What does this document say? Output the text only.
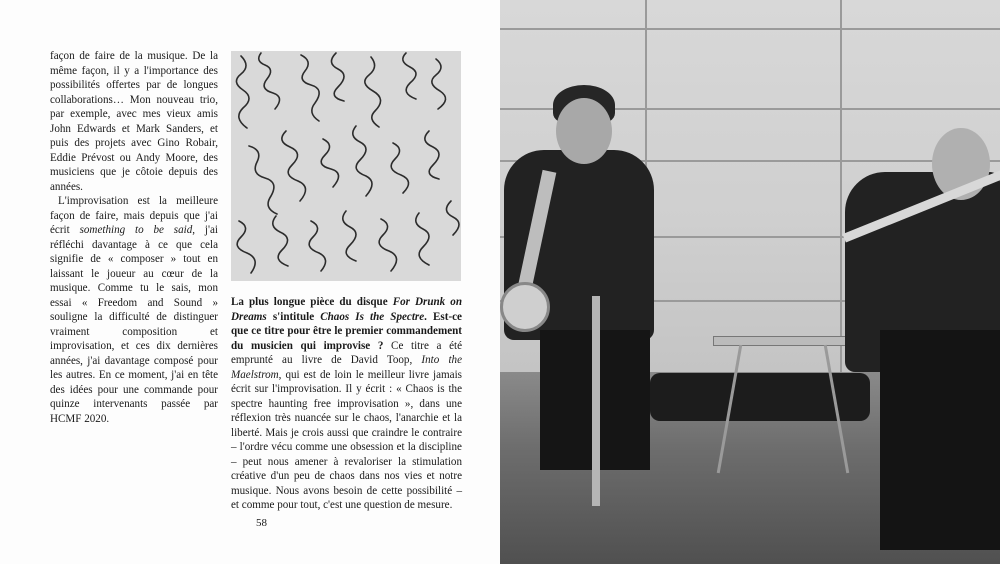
façon de faire de la musique. De la même façon, il y a l'importance des possibilités offertes par de longues collaborations… Mon nouveau trio, par exemple, avec mes vieux amis John Edwards et Mark Sanders, et puis des projets avec Gino Robair, Eddie Prévost ou Andy Moore, des musiciens que je côtoie depuis des années.

L'improvisation est la meilleure façon de faire, mais depuis que j'ai écrit something to be said, j'ai réfléchi davantage à ce que cela signifie de « composer » tout en laissant le joueur au cœur de la musique. Comme tu le sais, mon essai « Freedom and Sound » souligne la difficulté de distinguer vraiment composition et improvisation, et ces dix dernières années, j'ai davantage composé pour les autres. En ce moment, j'ai en tête des idées pour une commande pour quinze intervenants passée par HCMF 2020.

La plus longue pièce du disque For Drunk on Dreams s'intitule Chaos Is the Spectre. Est-ce que ce titre pour être le premier commandement du musicien qui improvise ? Ce titre a été emprunté au livre de David Toop, Into the Maelstrom, qui est de loin le meilleur livre jamais écrit sur l'improvisation. Il y écrit : « Chaos is the spectre haunting free improvisation », dans une réflexion très nuancée sur le chaos, l'anarchie et la liberté. Mais je crois aussi que craindre le contraire – l'ordre vécu comme une obsession et la discipline – peut nous amener à revaloriser la stimulation créative d'un peu de chaos dans nos vies et notre musique. Nous avons besoin de cette possibilité – et comme pour tout, c'est une question de mesure.

58
